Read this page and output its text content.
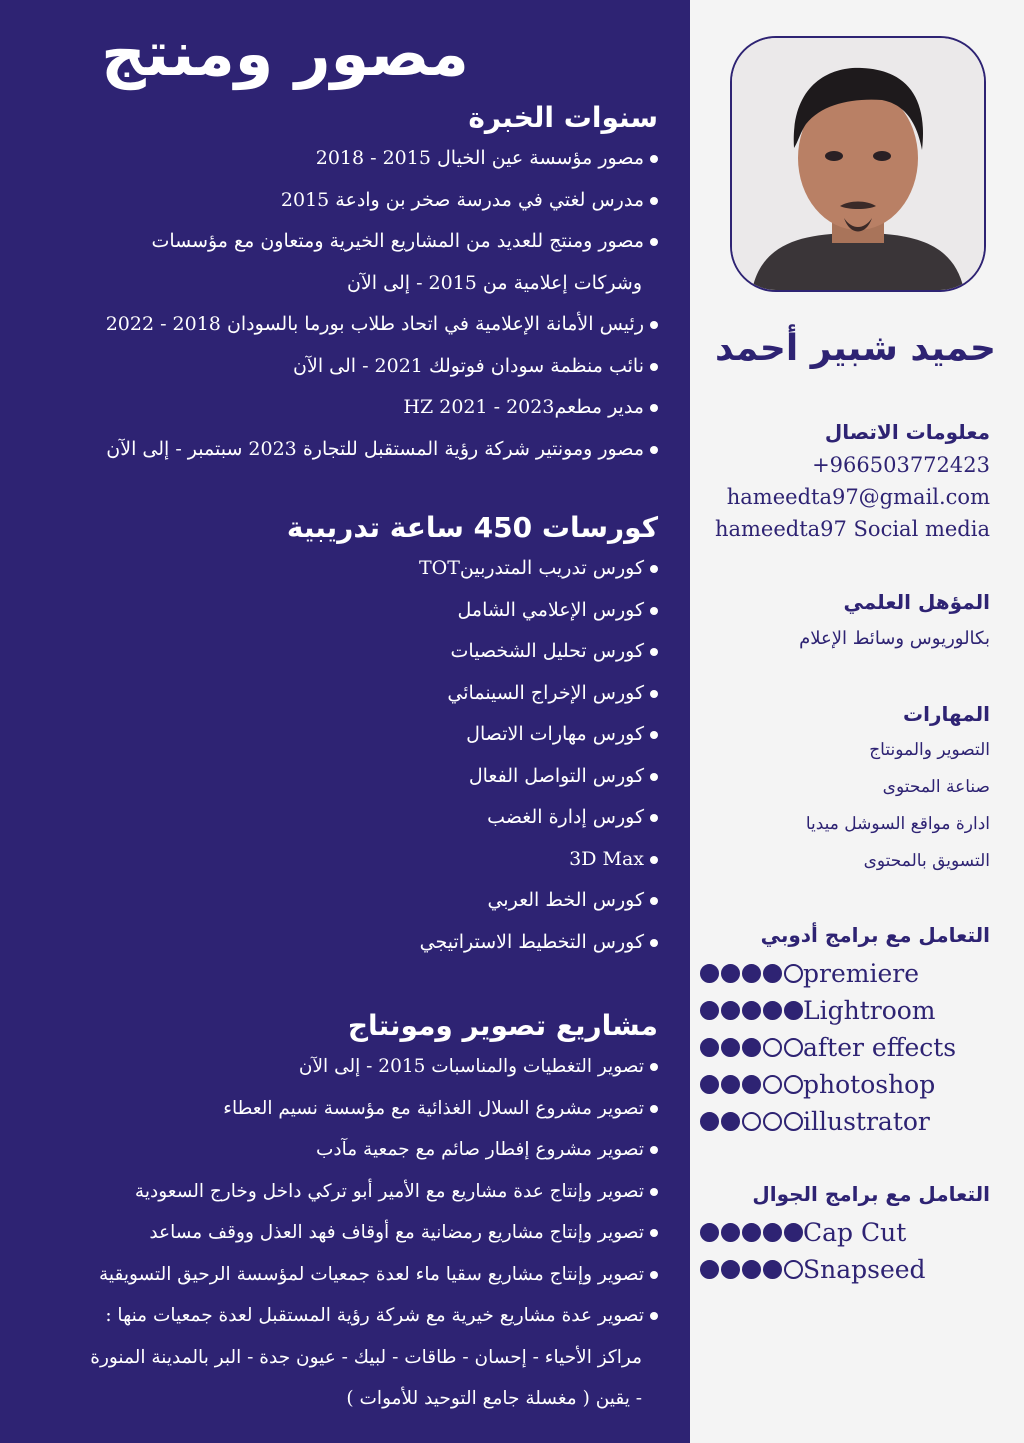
مصور ومنتج
سنوات الخبرة
مصور مؤسسة عين الخيال 2015 - 2018
مدرس لغتي في مدرسة صخر بن وادعة 2015
مصور ومنتج للعديد من المشاريع الخيرية ومتعاون مع مؤسسات
وشركات إعلامية من 2015 - إلى الآن
رئيس الأمانة الإعلامية في اتحاد طلاب بورما بالسودان 2018 - 2022
نائب منظمة سودان فوتولك 2021 - الى الآن
مدير مطعمHZ 2021 - 2023
مصور ومونتير شركة رؤية المستقبل للتجارة 2023 سبتمبر - إلى الآن
كورسات 450 ساعة تدريبية
كورس تدريب المتدربينTOT
كورس الإعلامي الشامل
كورس تحليل الشخصيات
كورس الإخراج السينمائي
كورس مهارات الاتصال
كورس التواصل الفعال
كورس إدارة الغضب
3D Max
كورس الخط العربي
كورس التخطيط الاستراتيجي
مشاريع تصوير ومونتاج
تصوير التغطيات والمناسبات 2015 - إلى الآن
تصوير مشروع السلال الغذائية مع مؤسسة نسيم العطاء
تصوير مشروع إفطار صائم مع جمعية مآدب
تصوير وإنتاج عدة مشاريع مع الأمير أبو تركي داخل وخارج السعودية
تصوير وإنتاج مشاريع رمضانية مع أوقاف فهد العذل ووقف مساعد
تصوير وإنتاج مشاريع سقيا ماء لعدة جمعيات لمؤسسة الرحيق التسويقية
تصوير عدة مشاريع خيرية مع شركة رؤية المستقبل لعدة جمعيات منها :
مراكز الأحياء - إحسان - طاقات - لبيك - عيون جدة - البر بالمدينة المنورة
- يقين ( مغسلة جامع التوحيد للأموات )
حميد شبير أحمد
معلومات الاتصال
+966503772423
hameedta97@gmail.com
hameedta97 Social media
المؤهل العلمي
بكالوريوس وسائط الإعلام
المهارات
التصوير والمونتاج
صناعة المحتوى
ادارة مواقع السوشل ميديا
التسويق بالمحتوى
التعامل مع برامج أدوبي
premiere
Lightroom
after effects
photoshop
illustrator
التعامل مع برامج الجوال
Cap Cut
Snapseed
